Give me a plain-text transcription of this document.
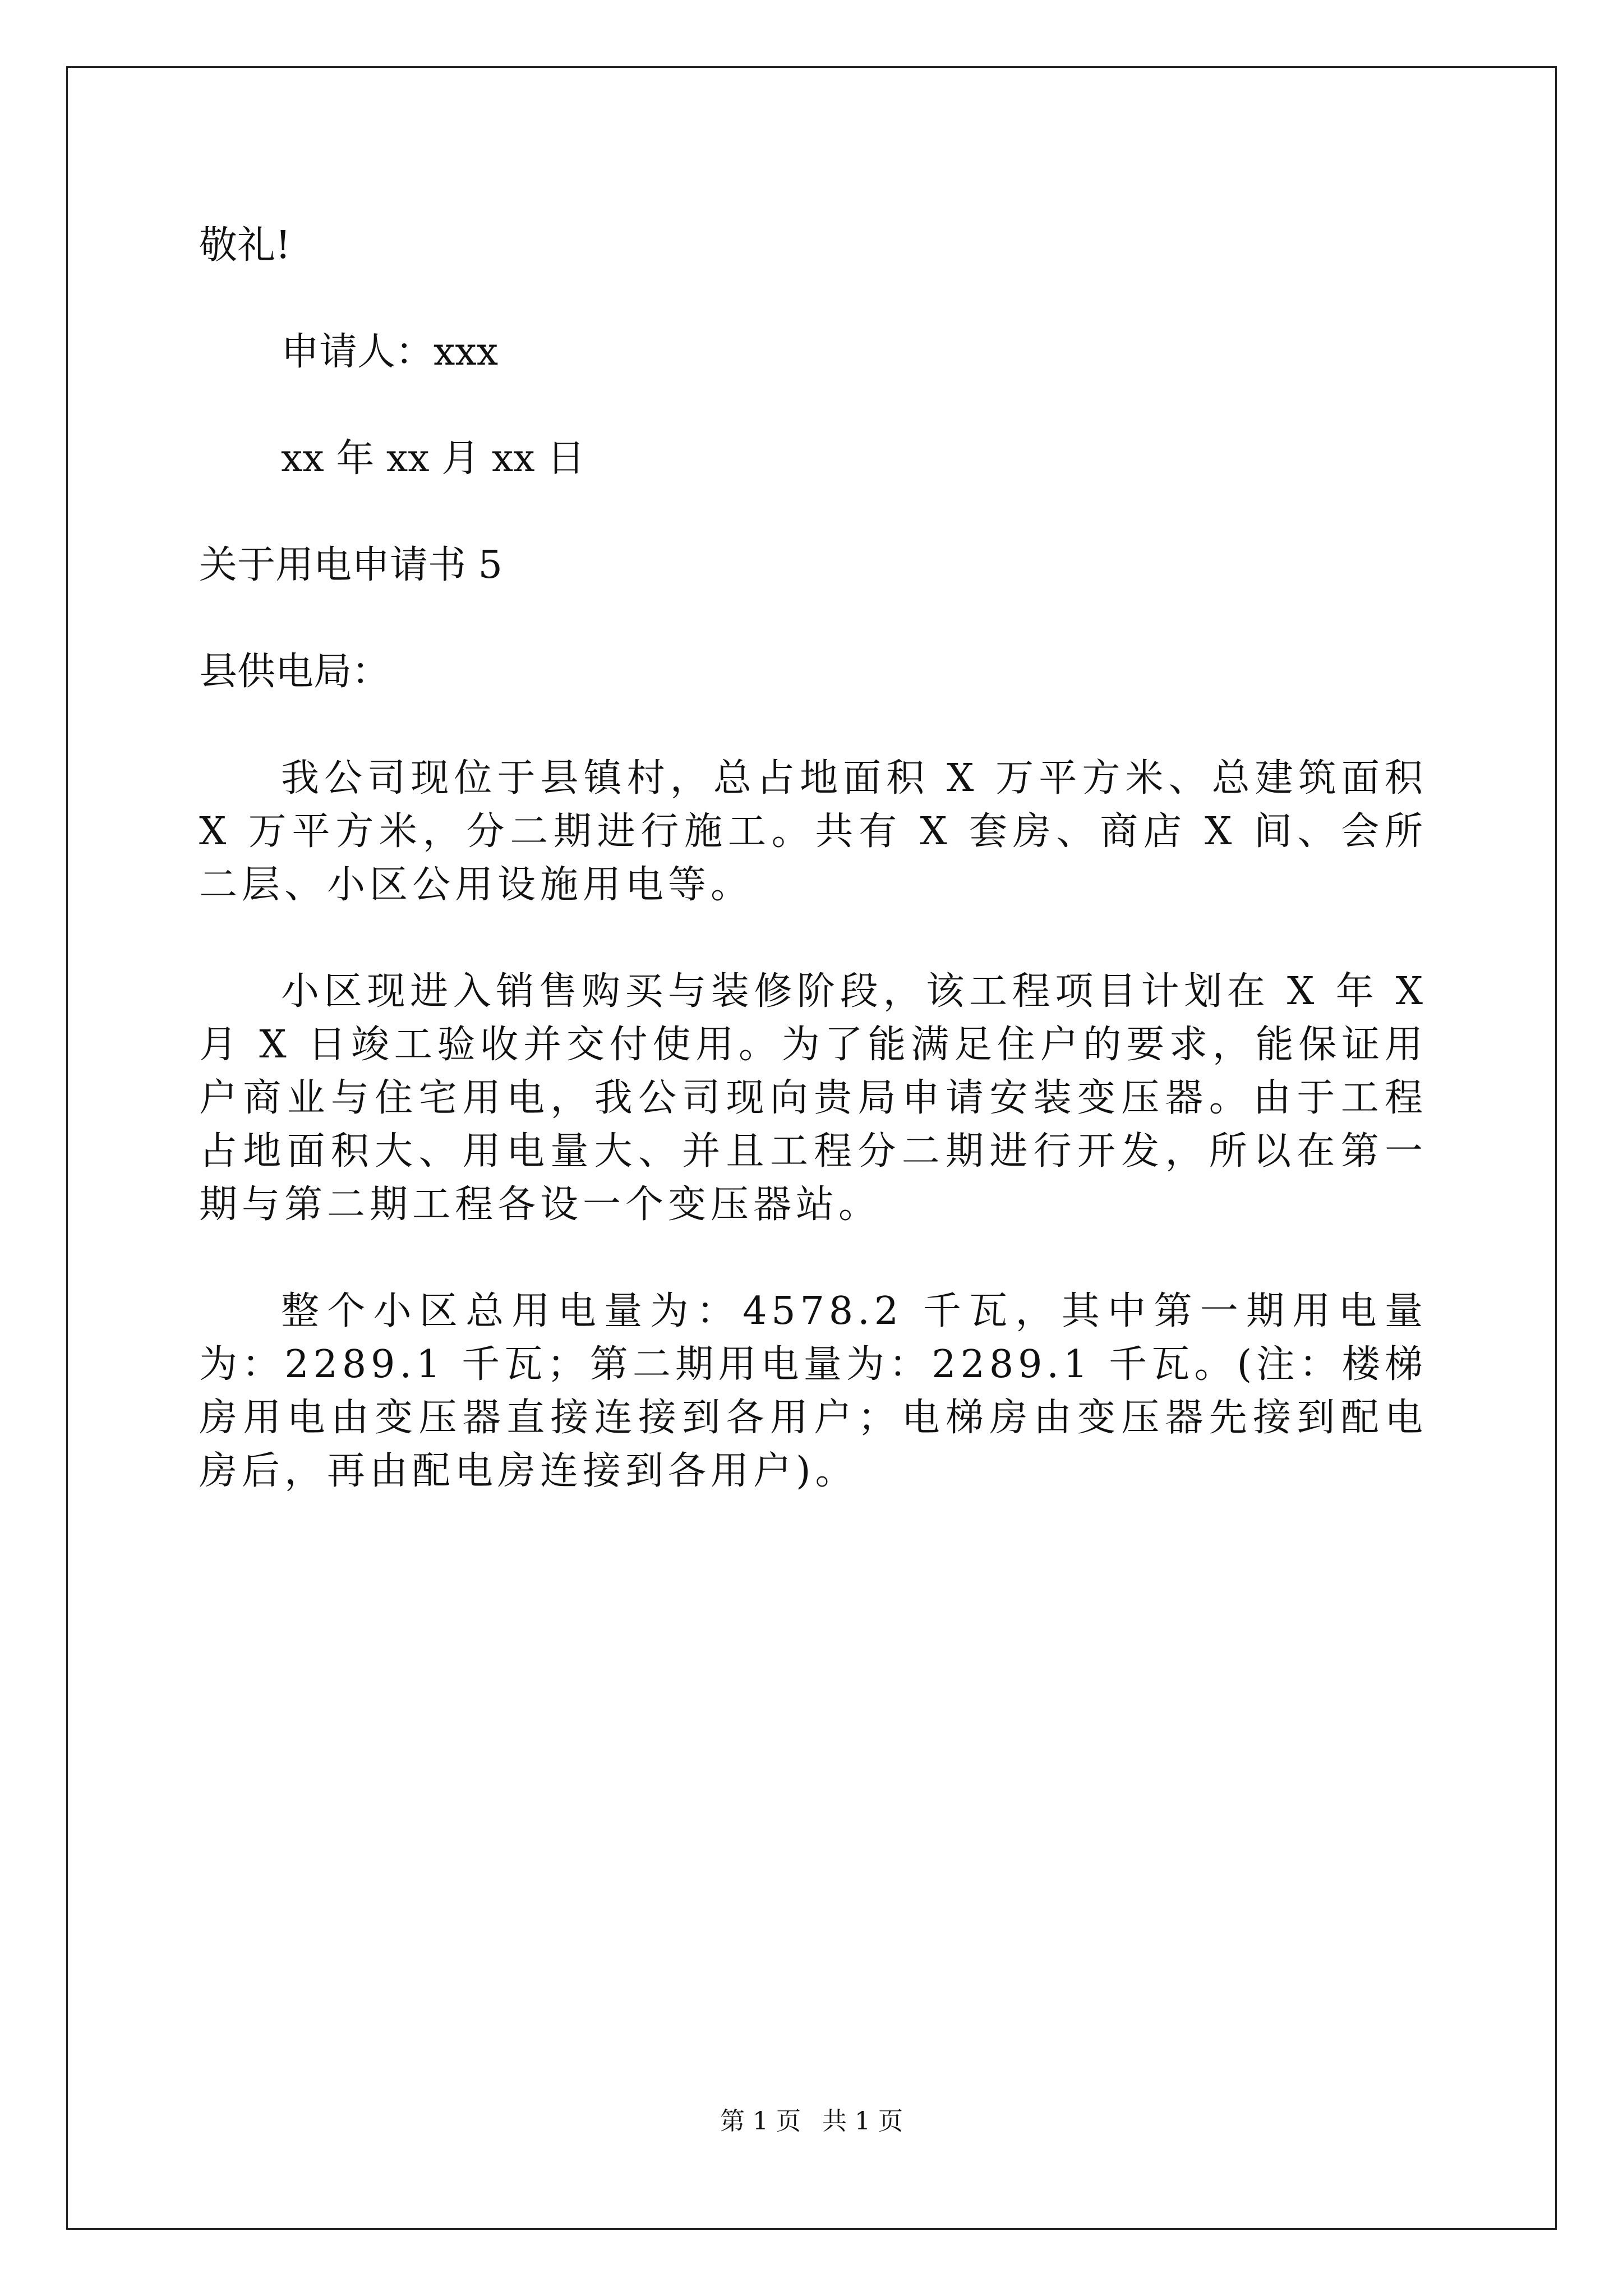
敬礼!

申请人：xxx

xx 年 xx 月 xx 日

关于用电申请书 5

县供电局：

我公司现位于县镇村，总占地面积 X 万平方米、总建筑面积 X 万平方米，分二期进行施工。共有 X 套房、商店 X 间、会所二层、小区公用设施用电等。

小区现进入销售购买与装修阶段，该工程项目计划在 X 年 X 月 X 日竣工验收并交付使用。为了能满足住户的要求，能保证用户商业与住宅用电，我公司现向贵局申请安装变压器。由于工程占地面积大、用电量大、并且工程分二期进行开发，所以在第一期与第二期工程各设一个变压器站。

整个小区总用电量为：4578.2 千瓦，其中第一期用电量为：2289.1 千瓦；第二期用电量为：2289.1 千瓦。(注：楼梯房用电由变压器直接连接到各用户；电梯房由变压器先接到配电房后，再由配电房连接到各用户)。

第 1 页 共 1 页
